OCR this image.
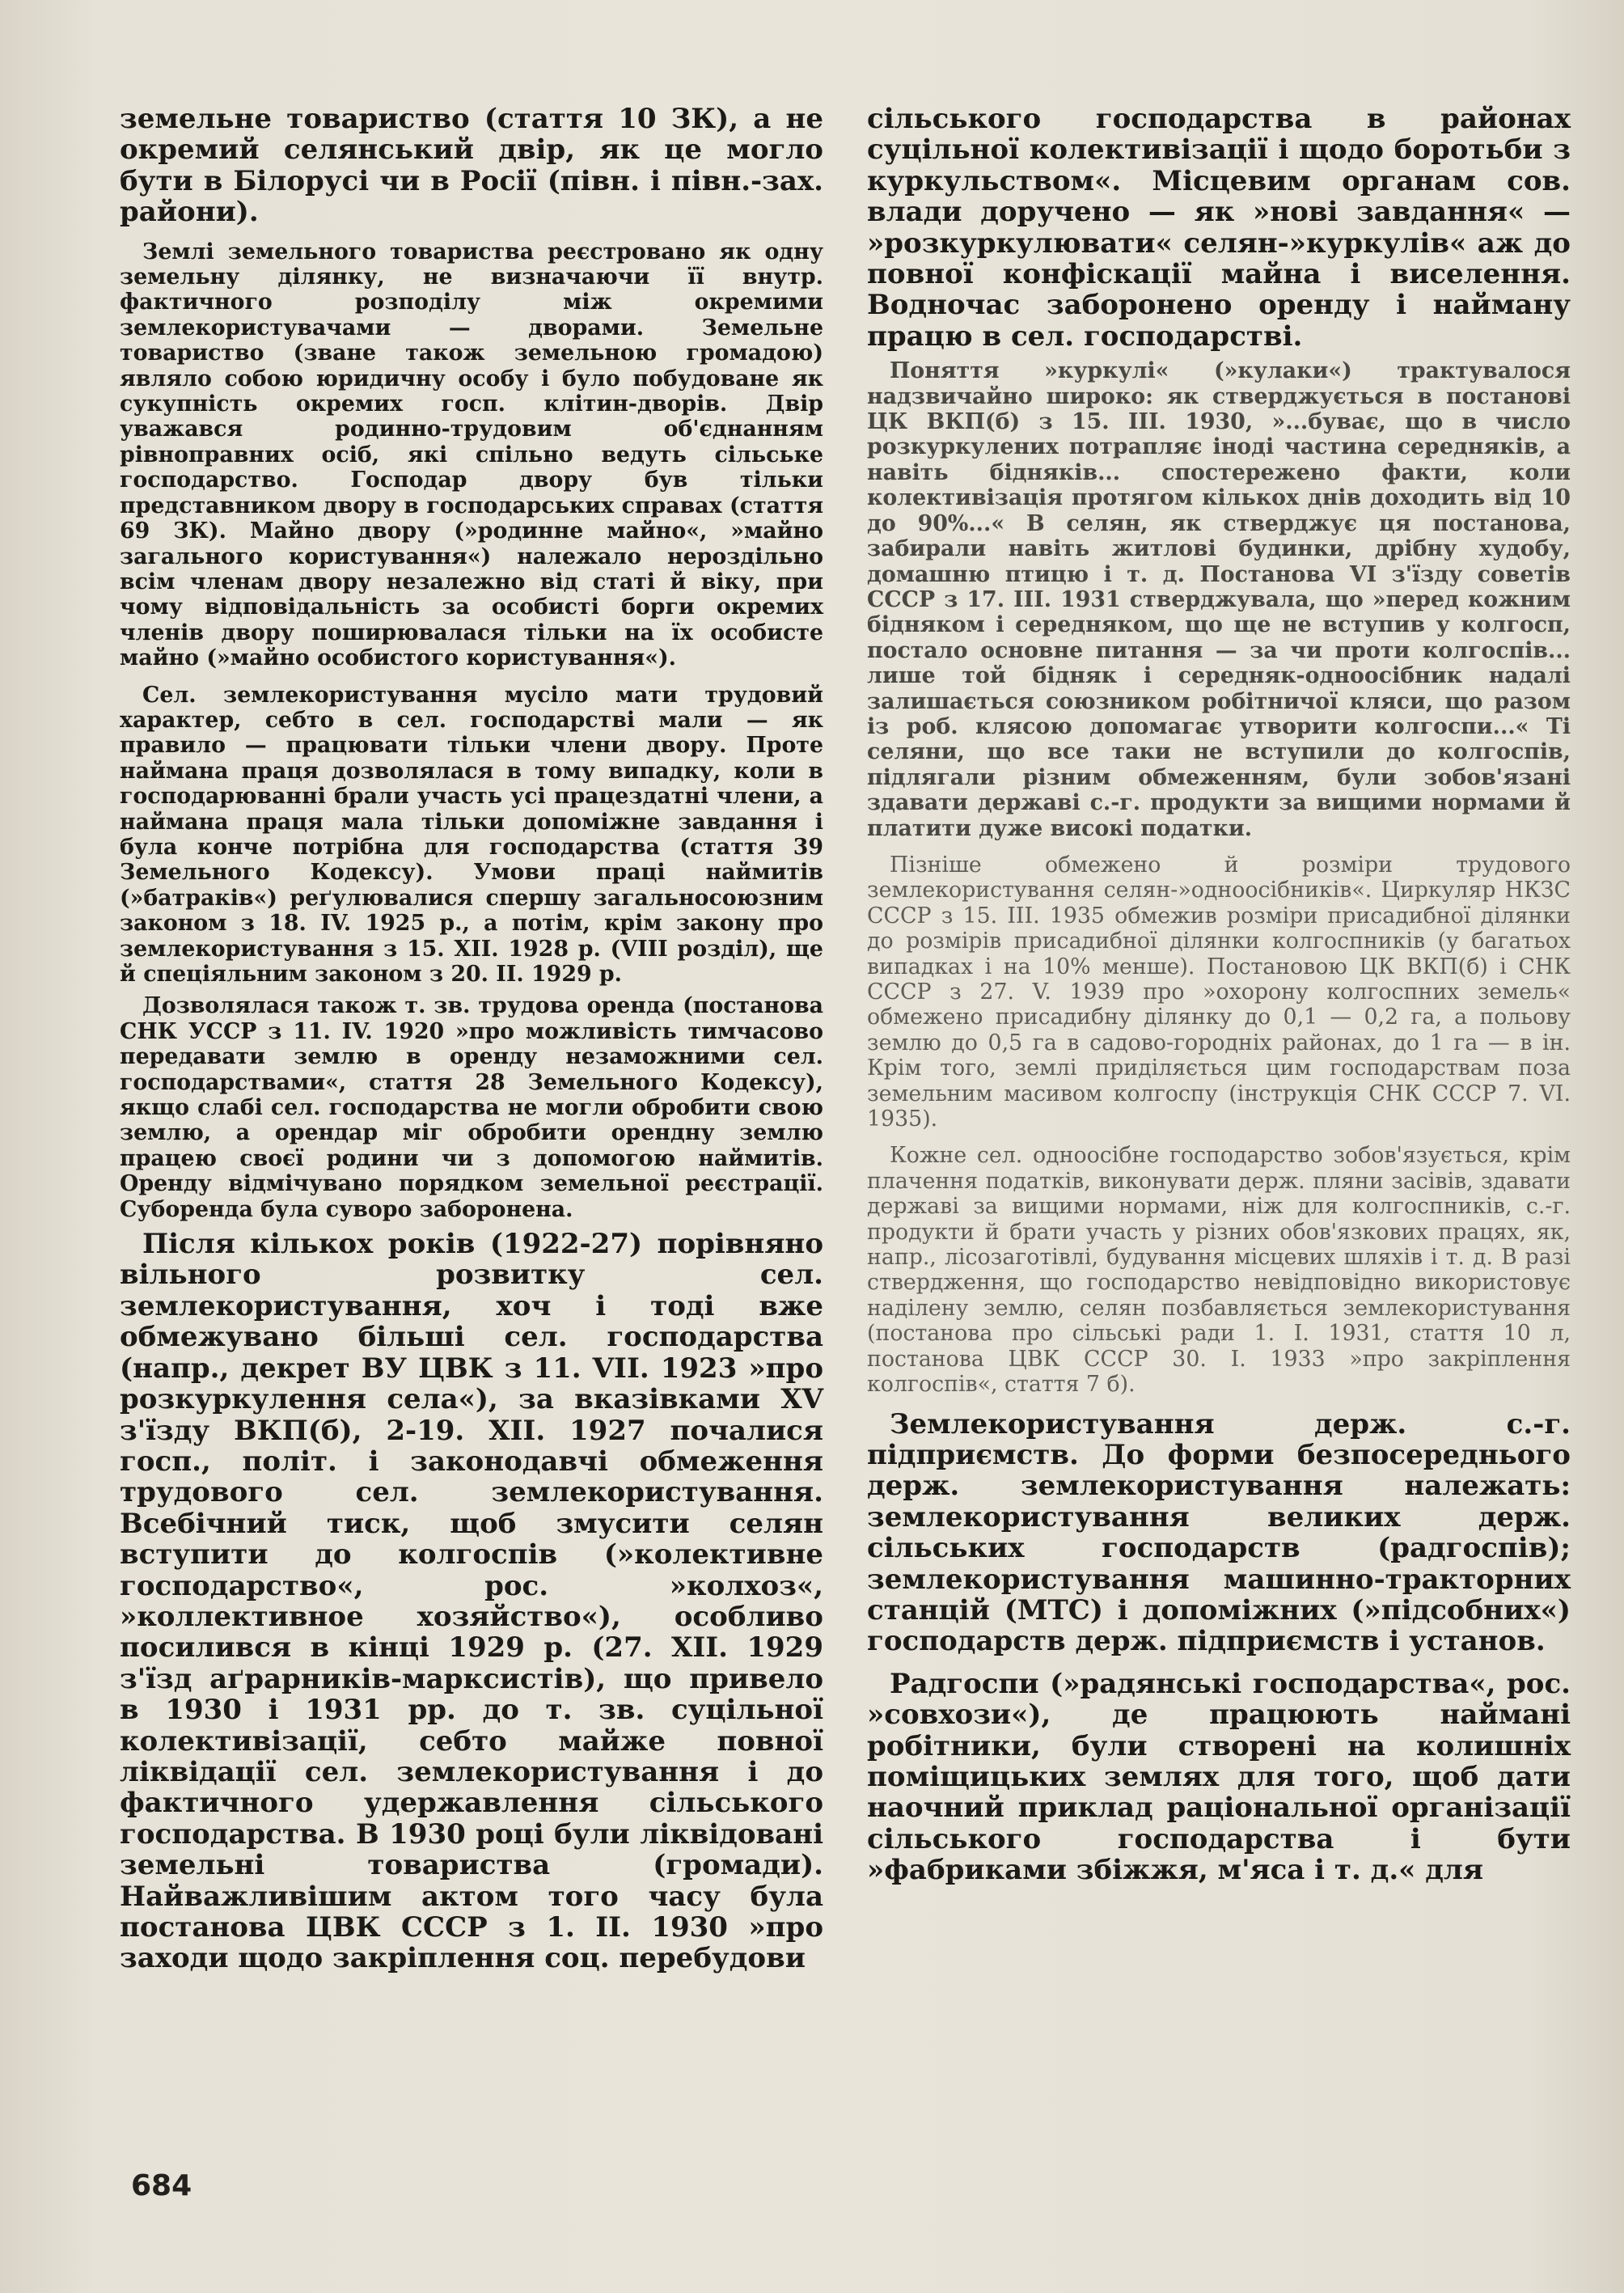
земельне товариство (стаття 10 ЗК), а не окремий селянський двір, як це могло бути в Білорусі чи в Росії (півн. і півн.-зах. райони).

Землі земельного товариства реєстровано як одну земельну ділянку, не визначаючи її внутр. фактичного розподілу між окремими землекористувачами — дворами. Земельне товариство (зване також земельною громадою) являло собою юридичну особу і було побудоване як сукупність окремих госп. клітин-дворів. Двір уважався родинно-трудовим об'єднанням рівноправних осіб, які спільно ведуть сільське господарство. Господар двору був тільки представником двору в господарських справах (стаття 69 ЗК). Майно двору (»родинне майно«, »майно загального користування«) належало нероздільно всім членам двору незалежно від статі й віку, при чому відповідальність за особисті борги окремих членів двору поширювалася тільки на їх особисте майно (»майно особистого користування«).

Сел. землекористування мусіло мати трудовий характер, себто в сел. господарстві мали — як правило — працювати тільки члени двору. Проте наймана праця дозволялася в тому випадку, коли в господарюванні брали участь усі працездатні члени, а наймана праця мала тільки допоміжне завдання і була конче потрібна для господарства (стаття 39 Земельного Кодексу). Умови праці наймитів (»батраків«) реґулювалися спершу загальносоюзним законом з 18. IV. 1925 р., а потім, крім закону про землекористування з 15. XII. 1928 р. (VIII розділ), ще й спеціяльним законом з 20. II. 1929 р.

Дозволялася також т. зв. трудова оренда (постанова СНК УССР з 11. IV. 1920 »про можливість тимчасово передавати землю в оренду незаможними сел. господарствами«, стаття 28 Земельного Кодексу), якщо слабі сел. господарства не могли обробити свою землю, а орендар міг обробити орендну землю працею своєї родини чи з допомогою наймитів. Оренду відмічувано порядком земельної реєстрації. Суборенда була суворо заборонена.

Після кількох років (1922-27) порівняно вільного розвитку сел. землекористування, хоч і тоді вже обмежувано більші сел. господарства (напр., декрет ВУ ЦВК з 11. VII. 1923 »про розкуркулення села«), за вказівками XV з'їзду ВКП(б), 2-19. XII. 1927 почалися госп., політ. і законодавчі обмеження трудового сел. землекористування. Всебічний тиск, щоб змусити селян вступити до колгоспів (»колективне господарство«, рос. »колхоз«, »коллективное хозяйство«), особливо посилився в кінці 1929 р. (27. XII. 1929 з'їзд аґрарників-марксистів), що привело в 1930 і 1931 рр. до т. зв. суцільної колективізації, себто майже повної ліквідації сел. землекористування і до фактичного удержавлення сільського господарства. В 1930 році були ліквідовані земельні товариства (громади). Найважливішим актом того часу була постанова ЦВК СССР з 1. II. 1930 »про заходи щодо закріплення соц. перебудови

сільського господарства в районах суцільної колективізації і щодо боротьби з куркульством«. Місцевим органам сов. влади доручено — як »нові завдання« — »розкуркулювати« селян-»куркулів« аж до повної конфіскації майна і виселення. Водночас заборонено оренду і найману працю в сел. господарстві.

Поняття »куркулі« (»кулаки«) трактувалося надзвичайно широко: як стверджується в постанові ЦК ВКП(б) з 15. III. 1930, »...буває, що в число розкуркулених потрапляє іноді частина середняків, а навіть бідняків... спостережено факти, коли колективізація протягом кількох днів доходить від 10 до 90%...« В селян, як стверджує ця постанова, забирали навіть житлові будинки, дрібну худобу, домашню птицю і т. д. Постанова VI з'їзду советів СССР з 17. III. 1931 стверджувала, що »перед кожним бідняком і середняком, що ще не вступив у колгосп, постало основне питання — за чи проти колгоспів... лише той бідняк і середняк-одноосібник надалі залишається союзником робітничої кляси, що разом із роб. клясою допомагає утворити колгоспи...« Ті селяни, що все таки не вступили до колгоспів, підлягали різним обмеженням, були зобов'язані здавати державі с.-г. продукти за вищими нормами й платити дуже високі податки.

Пізніше обмежено й розміри трудового землекористування селян-»одноосібників«. Циркуляр НКЗС СССР з 15. III. 1935 обмежив розміри присадибної ділянки до розмірів присадибної ділянки колгоспників (у багатьох випадках і на 10% менше). Постановою ЦК ВКП(б) і СНК СССР з 27. V. 1939 про »охорону колгоспних земель« обмежено присадибну ділянку до 0,1 — 0,2 га, а польову землю до 0,5 га в садово-городніх районах, до 1 га — в ін. Крім того, землі приділяється цим господарствам поза земельним масивом колгоспу (інструкція СНК СССР 7. VI. 1935).

Кожне сел. одноосібне господарство зобов'язується, крім плачення податків, виконувати держ. пляни засівів, здавати державі за вищими нормами, ніж для колгоспників, с.-г. продукти й брати участь у різних обов'язкових працях, як, напр., лісозаготівлі, будування місцевих шляхів і т. д. В разі ствердження, що господарство невідповідно використовує наділену землю, селян позбавляється землекористування (постанова про сільські ради 1. I. 1931, стаття 10 л, постанова ЦВК СССР 30. I. 1933 »про закріплення колгоспів«, стаття 7 б).

Землекористування держ. с.-г. підприємств. До форми безпосереднього держ. землекористування належать: землекористування великих держ. сільських господарств (радгоспів); землекористування машинно-тракторних станцій (МТС) і допоміжних (»підсобних«) господарств держ. підприємств і установ.

Радгоспи (»радянські господарства«, рос. »совхози«), де працюють наймані робітники, були створені на колишніх поміщицьких землях для того, щоб дати наочний приклад раціональної організації сільського господарства і бути »фабриками збіжжя, м'яса і т. д.« для

684
